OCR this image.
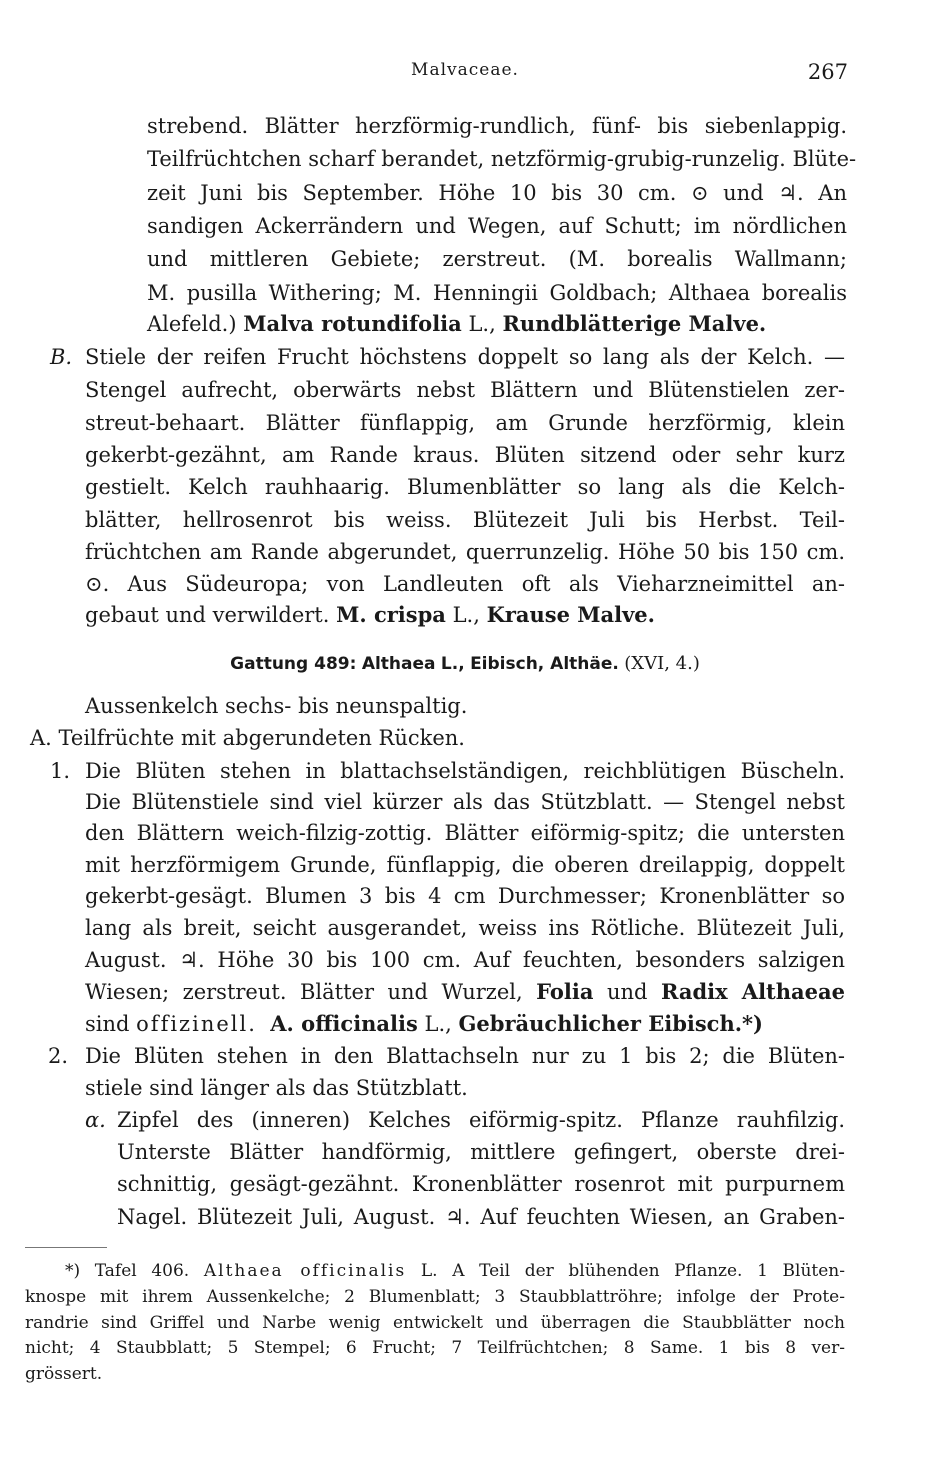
Malvaceae.	267
strebend. Blätter herzförmig-rundlich, fünf- bis siebenlappig.
Teilfrüchtchen scharf berandet, netzförmig-grubig-runzelig. Blüte-
zeit Juni bis September. Höhe 10 bis 30 cm. ⊙ und ♃. An
sandigen Ackerrändern und Wegen, auf Schutt; im nördlichen
und mittleren Gebiete; zerstreut. (M. borealis Wallmann;
M. pusilla Withering; M. Henningii Goldbach; Althaea borealis
Alefeld.) Malva rotundifolia L., Rundblätterige Malve.
B. Stiele der reifen Frucht höchstens doppelt so lang als der Kelch. —
Stengel aufrecht, oberwärts nebst Blättern und Blütenstielen zer-
streut-behaart. Blätter fünflappig, am Grunde herzförmig, klein
gekerbt-gezähnt, am Rande kraus. Blüten sitzend oder sehr kurz
gestielt. Kelch rauhhaarig. Blumenblätter so lang als die Kelch-
blätter, hellrosenrot bis weiss. Blütezeit Juli bis Herbst. Teil-
früchtchen am Rande abgerundet, querrunzelig. Höhe 50 bis 150 cm.
⊙. Aus Südeuropa; von Landleuten oft als Vieharzneimittel an-
gebaut und verwildert. M. crispa L., Krause Malve.
Gattung 489: Althaea L., Eibisch, Althäe. (XVI, 4.)
Aussenkelch sechs- bis neunspaltig.
A. Teilfrüchte mit abgerundeten Rücken.
1. Die Blüten stehen in blattachselständigen, reichblütigen Büscheln.
Die Blütenstiele sind viel kürzer als das Stützblatt. — Stengel nebst
den Blättern weich-filzig-zottig. Blätter eiförmig-spitz; die untersten
mit herzförmigem Grunde, fünflappig, die oberen dreilappig, doppelt
gekerbt-gesägt. Blumen 3 bis 4 cm Durchmesser; Kronenblätter so
lang als breit, seicht ausgerandet, weiss ins Rötliche. Blütezeit Juli,
August. ♃. Höhe 30 bis 100 cm. Auf feuchten, besonders salzigen
Wiesen; zerstreut. Blätter und Wurzel, Folia und Radix Althaeae
sind offizinell. A. officinalis L., Gebräuchlicher Eibisch.*)
2. Die Blüten stehen in den Blattachseln nur zu 1 bis 2; die Blüten-
stiele sind länger als das Stützblatt.
α. Zipfel des (inneren) Kelches eiförmig-spitz. Pflanze rauhfilzig.
Unterste Blätter handförmig, mittlere gefingert, oberste drei-
schnittig, gesägt-gezähnt. Kronenblätter rosenrot mit purpurnem
Nagel. Blütezeit Juli, August. ♃. Auf feuchten Wiesen, an Graben-
*) Tafel 406. Althaea officinalis L. A Teil der blühenden Pflanze. 1 Blüten-
knospe mit ihrem Aussenkelche; 2 Blumenblatt; 3 Staubblattröhre; infolge der Prote-
randrie sind Griffel und Narbe wenig entwickelt und überragen die Staubblätter noch
nicht; 4 Staubblatt; 5 Stempel; 6 Frucht; 7 Teilfrüchtchen; 8 Same. 1 bis 8 ver-
grössert.
